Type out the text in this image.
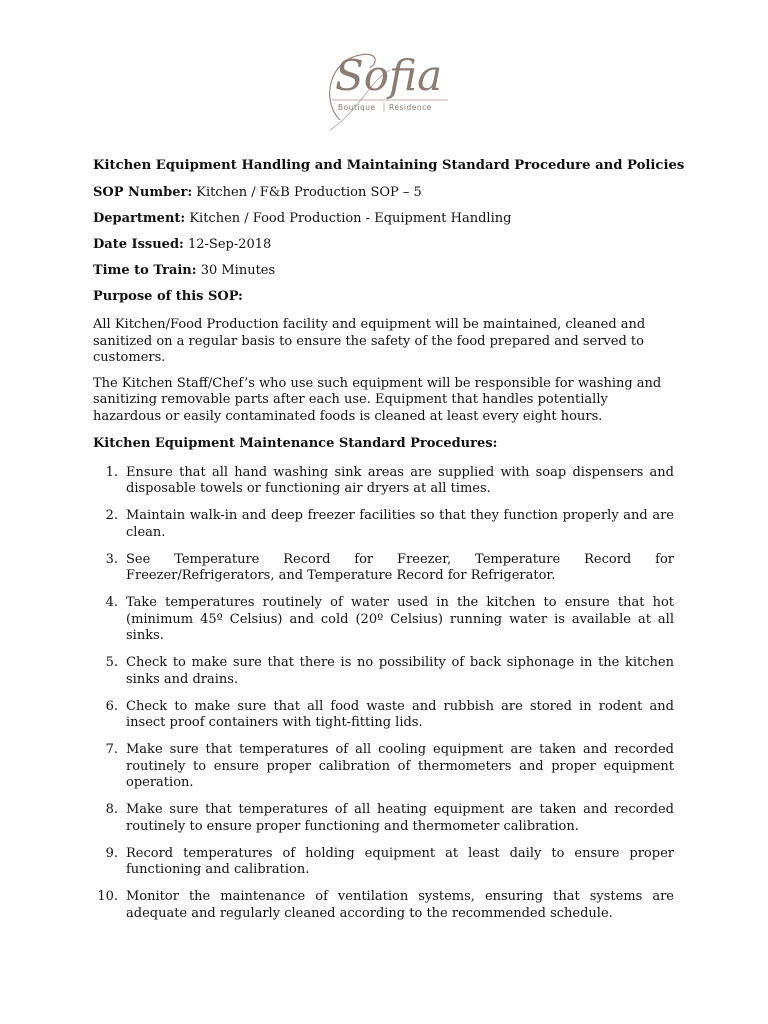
Sofia
Boutique Residence

Kitchen Equipment Handling and Maintaining Standard Procedure and Policies

SOP Number: Kitchen / F&B Production SOP – 5

Department: Kitchen / Food Production - Equipment Handling

Date Issued: 12-Sep-2018

Time to Train: 30 Minutes

Purpose of this SOP:

All Kitchen/Food Production facility and equipment will be maintained, cleaned and sanitized on a regular basis to ensure the safety of the food prepared and served to customers.

The Kitchen Staff/Chef’s who use such equipment will be responsible for washing and sanitizing removable parts after each use. Equipment that handles potentially hazardous or easily contaminated foods is cleaned at least every eight hours.

Kitchen Equipment Maintenance Standard Procedures:

1. Ensure that all hand washing sink areas are supplied with soap dispensers and disposable towels or functioning air dryers at all times.
2. Maintain walk-in and deep freezer facilities so that they function properly and are clean.
3. See Temperature Record for Freezer, Temperature Record for Freezer/Refrigerators, and Temperature Record for Refrigerator.
4. Take temperatures routinely of water used in the kitchen to ensure that hot (minimum 45º Celsius) and cold (20º Celsius) running water is available at all sinks.
5. Check to make sure that there is no possibility of back siphonage in the kitchen sinks and drains.
6. Check to make sure that all food waste and rubbish are stored in rodent and insect proof containers with tight-fitting lids.
7. Make sure that temperatures of all cooling equipment are taken and recorded routinely to ensure proper calibration of thermometers and proper equipment operation.
8. Make sure that temperatures of all heating equipment are taken and recorded routinely to ensure proper functioning and thermometer calibration.
9. Record temperatures of holding equipment at least daily to ensure proper functioning and calibration.
10. Monitor the maintenance of ventilation systems, ensuring that systems are adequate and regularly cleaned according to the recommended schedule.
